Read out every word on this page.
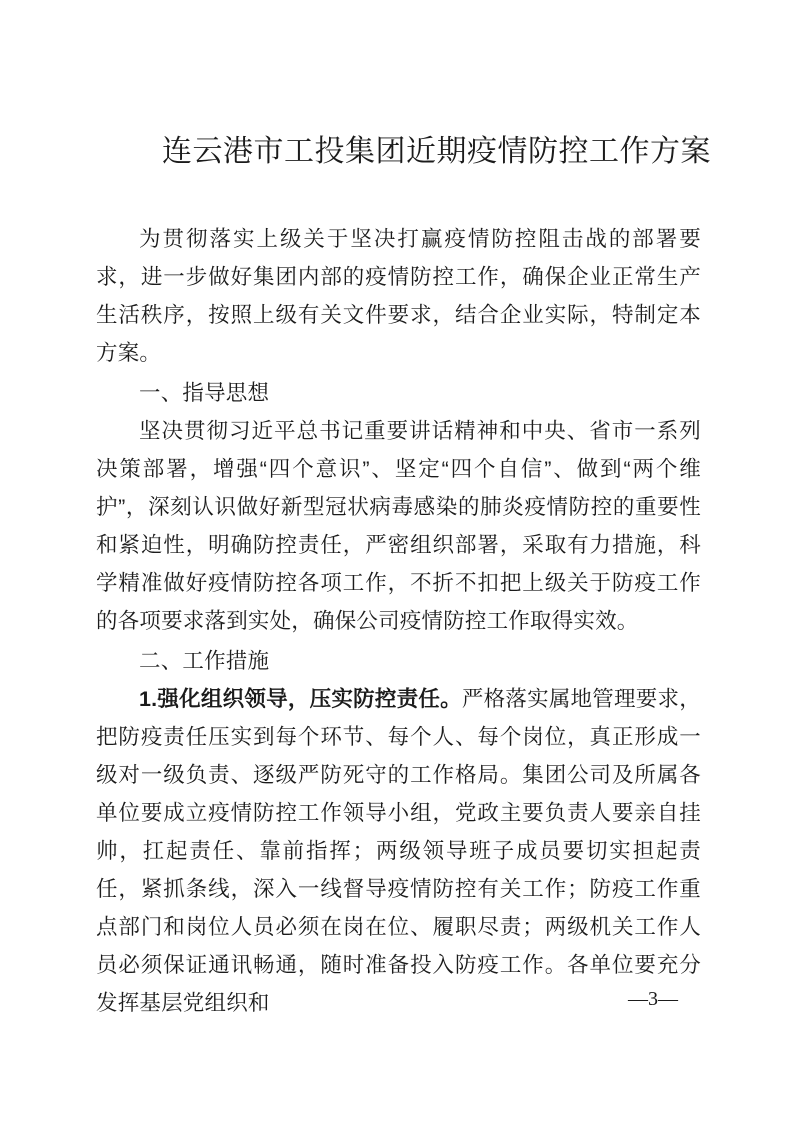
连云港市工投集团近期疫情防控工作方案

为贯彻落实上级关于坚决打赢疫情防控阻击战的部署要求，进一步做好集团内部的疫情防控工作，确保企业正常生产生活秩序，按照上级有关文件要求，结合企业实际，特制定本方案。

一、指导思想

坚决贯彻习近平总书记重要讲话精神和中央、省市一系列决策部署，增强“四个意识”、坚定“四个自信”、做到“两个维护”，深刻认识做好新型冠状病毒感染的肺炎疫情防控的重要性和紧迫性，明确防控责任，严密组织部署，采取有力措施，科学精准做好疫情防控各项工作，不折不扣把上级关于防疫工作的各项要求落到实处，确保公司疫情防控工作取得实效。

二、工作措施

1.强化组织领导，压实防控责任。严格落实属地管理要求，把防疫责任压实到每个环节、每个人、每个岗位，真正形成一级对一级负责、逐级严防死守的工作格局。集团公司及所属各单位要成立疫情防控工作领导小组，党政主要负责人要亲自挂帅，扛起责任、靠前指挥；两级领导班子成员要切实担起责任，紧抓条线，深入一线督导疫情防控有关工作；防疫工作重点部门和岗位人员必须在岗在位、履职尽责；两级机关工作人员必须保证通讯畅通，随时准备投入防疫工作。各单位要充分发挥基层党组织和	—3—
